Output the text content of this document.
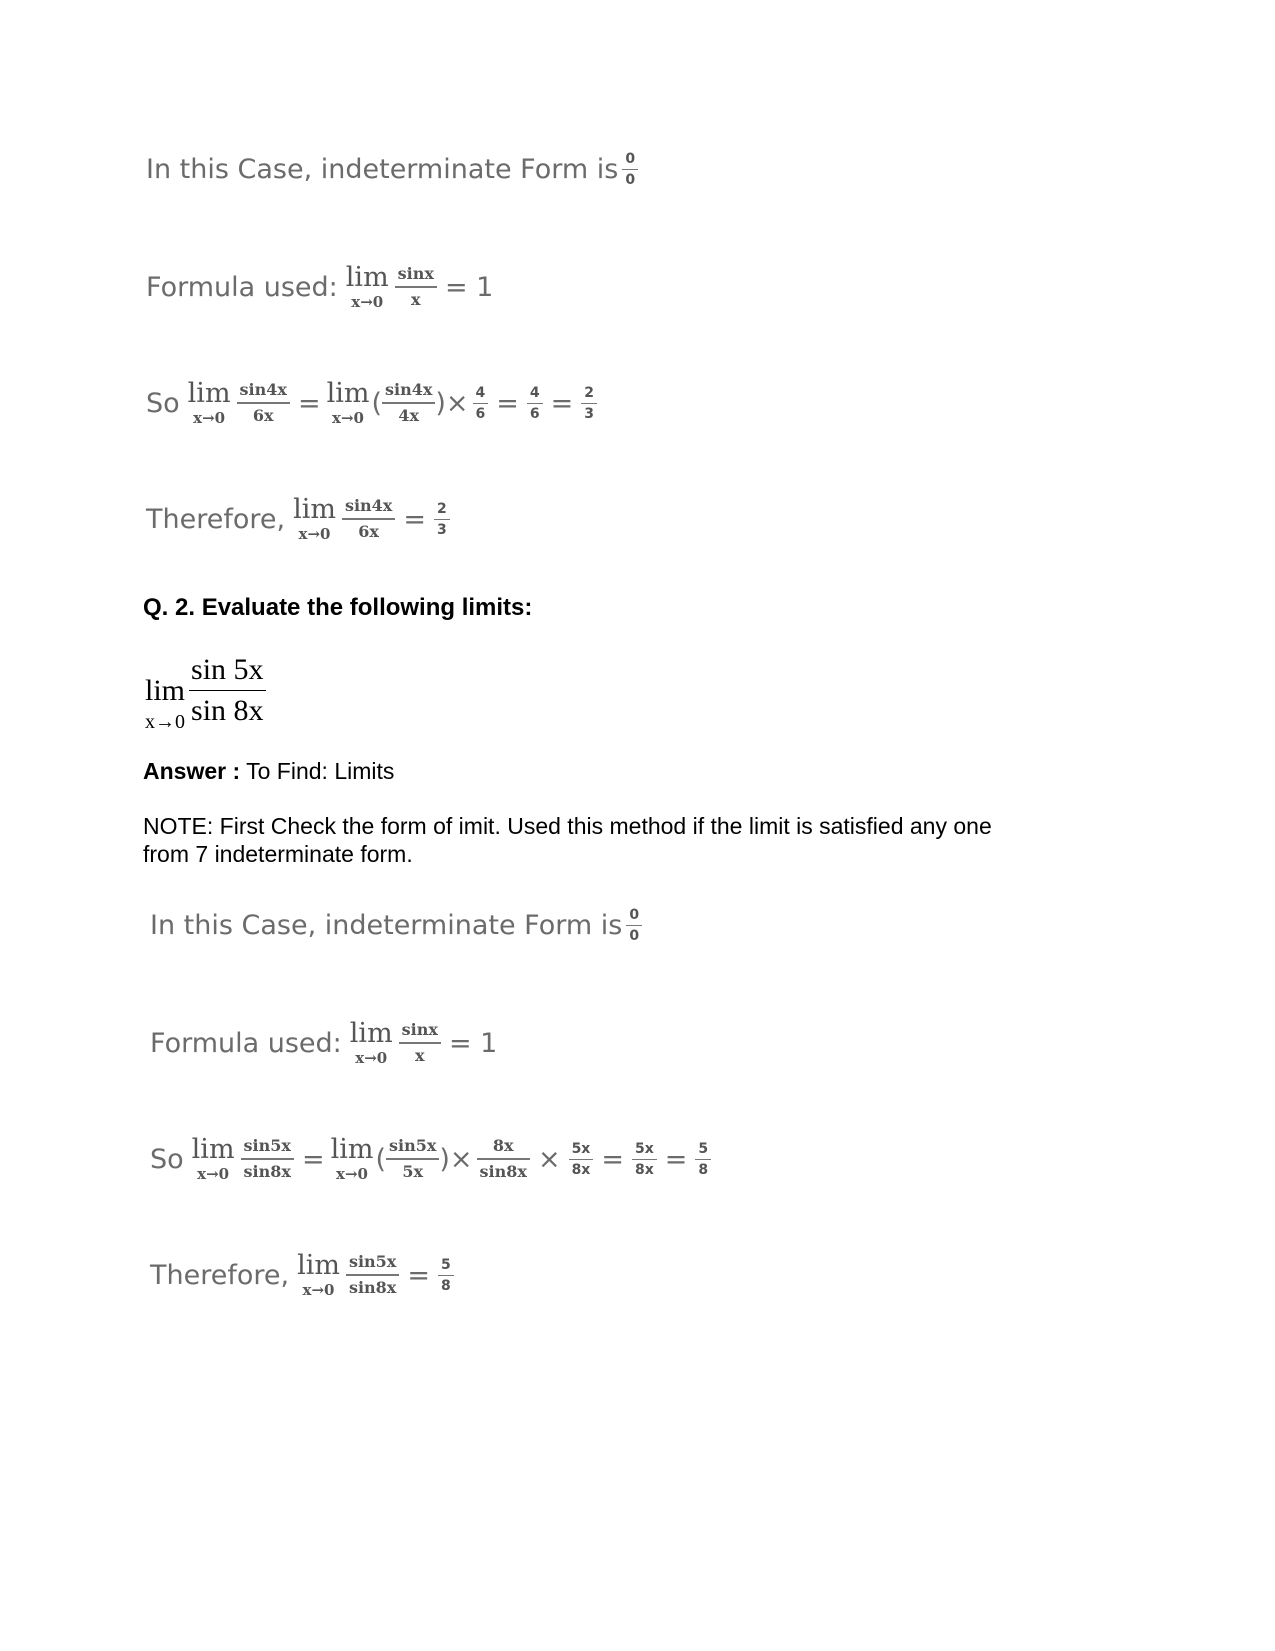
In this Case, indeterminate Form is $\frac{0}{0}$
Formula used: lim
$x\to 0 \frac{\sin x}{x} = 1$
So lim
$x\to 0 \frac{\sin 4x}{6x} = \lim$
x→0 ( $\frac{\sin 4x}{4x}$ )× $\frac{4}{6} = \frac{4}{6} = \frac{2}{3}$
Therefore, lim
$x\to 0 \frac{\sin 4x}{6x} = \frac{2}{3}$
Q. 2. Evaluate the following limits:
lim
x→0
sin 5x
sin 8x
Answer : To Find: Limits
NOTE: First Check the form of imit. Used this method if the limit is satisfied any one
from 7 indeterminate form.
In this Case, indeterminate Form is $\frac{0}{0}$
Formula used: lim
$x\to 0 \frac{\sin x}{x} = 1$
So lim
$x\to 0 \frac{\sin 5x}{\sin 8x} = \lim$
x→0 ( $\frac{\sin 5x}{5x}$ )× $\frac{8x}{\sin 8x} \times \frac{5x}{8x} = \frac{5x}{8x} = \frac{5}{8}$
Therefore, lim
$x\to 0 \frac{\sin 5x}{\sin 8x} = \frac{5}{8}$
